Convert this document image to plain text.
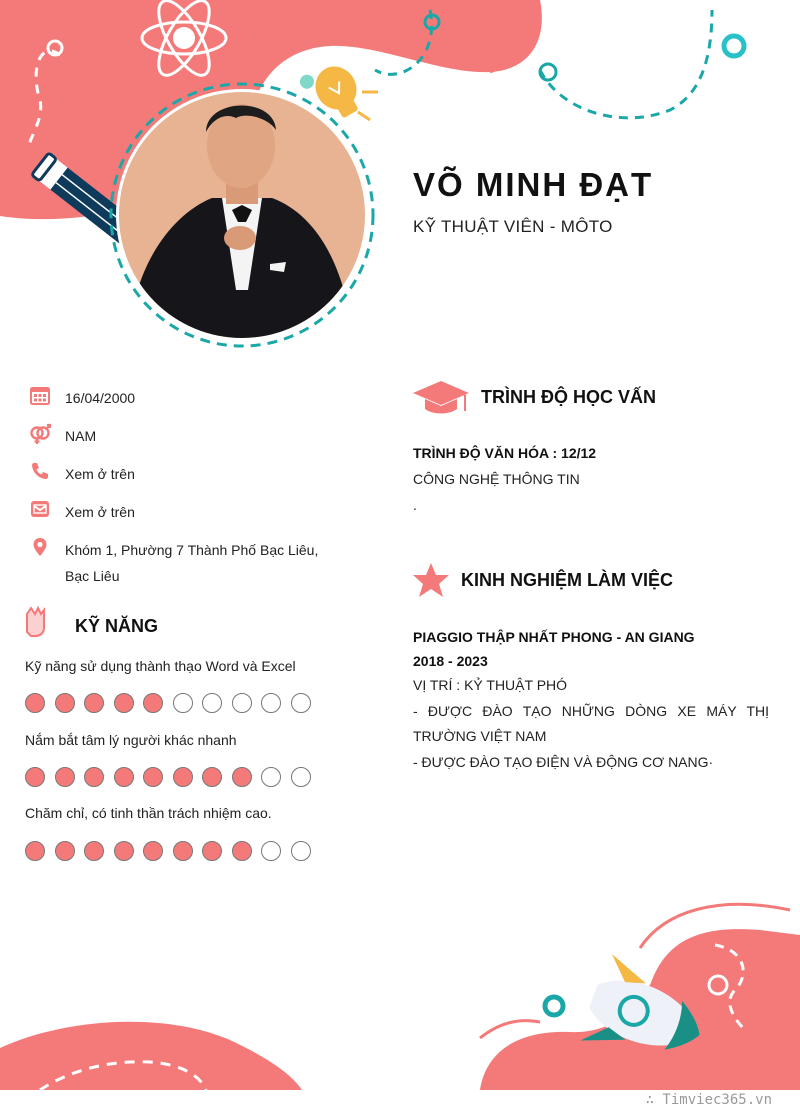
VÕ MINH ĐẠT
KỸ THUẬT VIÊN - MÔTO
16/04/2000
NAM
Xem ở trên
Xem ở trên
Khóm 1, Phường 7 Thành Phố Bạc Liêu, Bạc Liêu
KỸ NĂNG
Kỹ năng sử dụng thành thạo Word và Excel
Nắm bắt tâm lý người khác nhanh
Chăm chỉ, có tinh thần trách nhiệm cao.
TRÌNH ĐỘ HỌC VẤN
TRÌNH ĐỘ VĂN HÓA : 12/12
CÔNG NGHỆ THÔNG TIN
.
KINH NGHIỆM LÀM VIỆC
PIAGGIO THẬP NHẤT PHONG - AN GIANG
2018 - 2023
VỊ TRÍ : KỶ THUẬT PHÓ
- ĐƯỢC ĐÀO TẠO NHỮNG DÒNG XE MÁY THỊ TRƯỜNG VIỆT NAM
- ĐƯỢC ĐÀO TẠO ĐIỆN VÀ ĐỘNG CƠ NANG·
∴ Timviec365.vn
